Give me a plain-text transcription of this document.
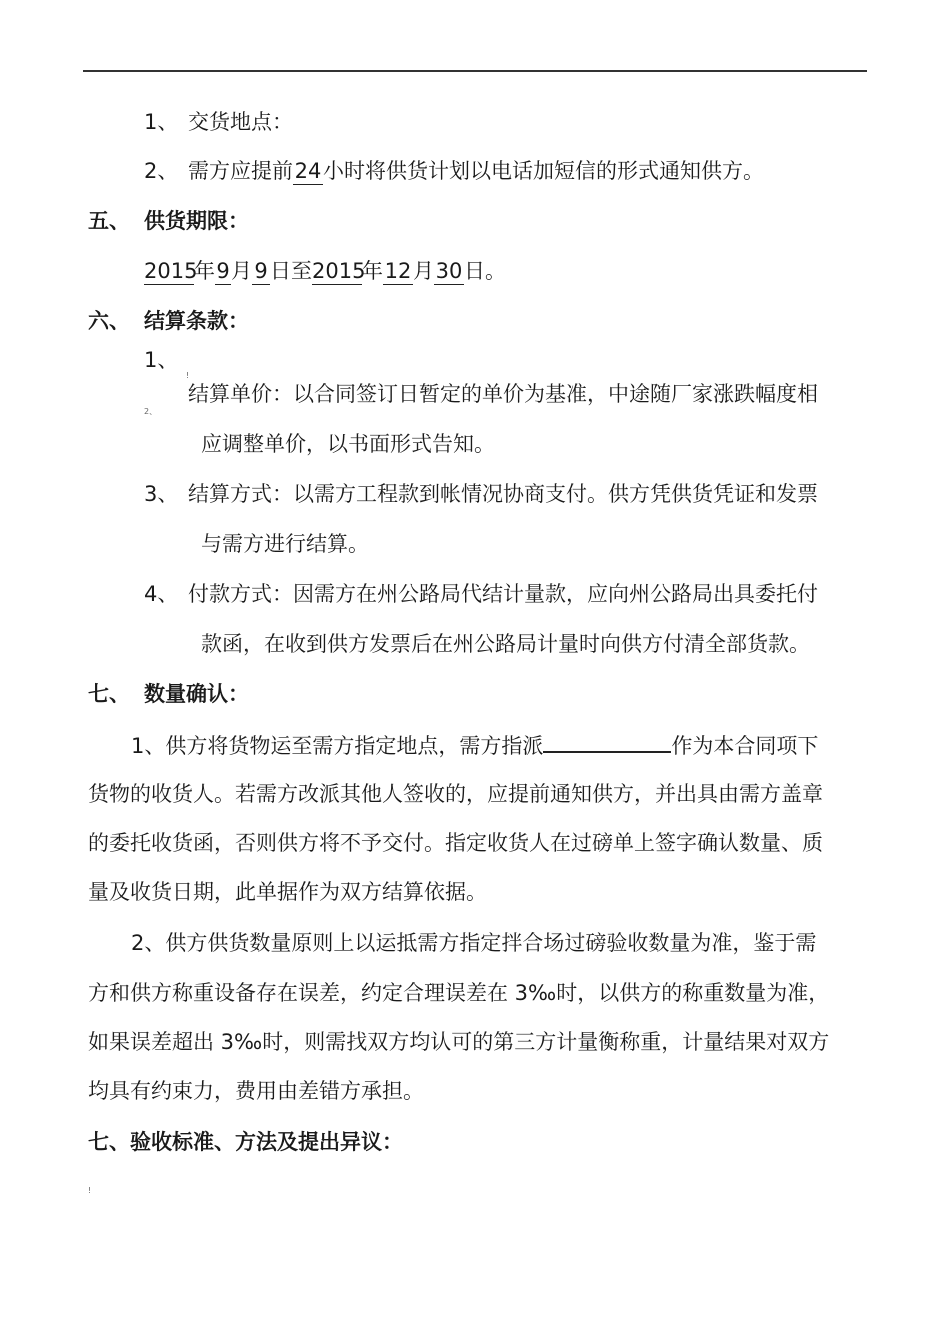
1、 交货地点：
2、 需方应提前24小时将供货计划以电话加短信的形式通知供方。
五、 供货期限：
2015年9月 9 日至2015年12月30日。
六、 结算条款：
1、
!
2、
结算单价：以合同签订日暂定的单价为基准，中途随厂家涨跌幅度相
应调整单价，以书面形式告知。
3、 结算方式：以需方工程款到帐情况协商支付。供方凭供货凭证和发票
与需方进行结算。
4、 付款方式：因需方在州公路局代结计量款，应向州公路局出具委托付
款函，在收到供方发票后在州公路局计量时向供方付清全部货款。
七、 数量确认：
1、供方将货物运至需方指定地点，需方指派	作为本合同项下
货物的收货人。若需方改派其他人签收的，应提前通知供方，并出具由需方盖章
的委托收货函，否则供方将不予交付。指定收货人在过磅单上签字确认数量、质
量及收货日期，此单据作为双方结算依据。
2、供方供货数量原则上以运抵需方指定拌合场过磅验收数量为准，鉴于需
方和供方称重设备存在误差，约定合理误差在 3‰时，以供方的称重数量为准，
如果误差超出 3‰时，则需找双方均认可的第三方计量衡称重，计量结果对双方
均具有约束力，费用由差错方承担。
七、验收标准、方法及提出异议：
!
